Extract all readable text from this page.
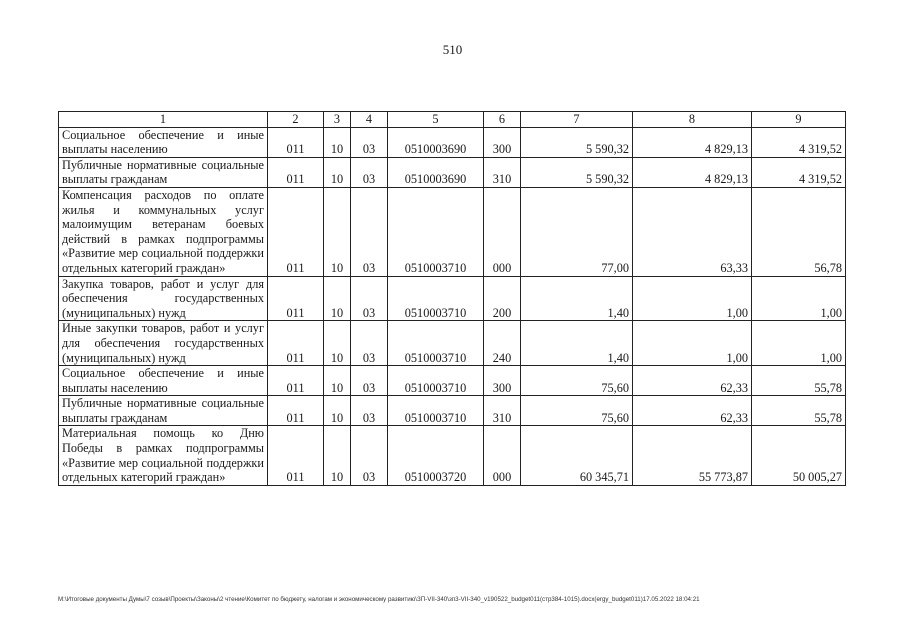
510
1	2	3	4	5	6	7	8	9
Социальное обеспечение и иные выплаты населению	011	10	03	0510003690	300	5 590,32	4 829,13	4 319,52
Публичные нормативные социальные выплаты гражданам	011	10	03	0510003690	310	5 590,32	4 829,13	4 319,52
Компенсация расходов по оплате жилья и коммунальных услуг малоимущим ветеранам боевых действий в рамках подпрограммы «Развитие мер социальной поддержки отдельных категорий граждан»	011	10	03	0510003710	000	77,00	63,33	56,78
Закупка товаров, работ и услуг для обеспечения государственных (муниципальных) нужд	011	10	03	0510003710	200	1,40	1,00	1,00
Иные закупки товаров, работ и услуг для обеспечения государственных (муниципальных) нужд	011	10	03	0510003710	240	1,40	1,00	1,00
Социальное обеспечение и иные выплаты населению	011	10	03	0510003710	300	75,60	62,33	55,78
Публичные нормативные социальные выплаты гражданам	011	10	03	0510003710	310	75,60	62,33	55,78
Материальная помощь ко Дню Победы в рамках подпрограммы «Развитие мер социальной поддержки отдельных категорий граждан»	011	10	03	0510003720	000	60 345,71	55 773,87	50 005,27
M:\Итоговые документы Думы\7 созыв\Проекты\Законы\2 чтение\Комитет по бюджету, налогам и экономическому развитию\ЗП-VII-340\зп3-VII-340_v190522_budget011(стр384-1015).docx(ergy_budget011)17.05.2022 18:04:21
